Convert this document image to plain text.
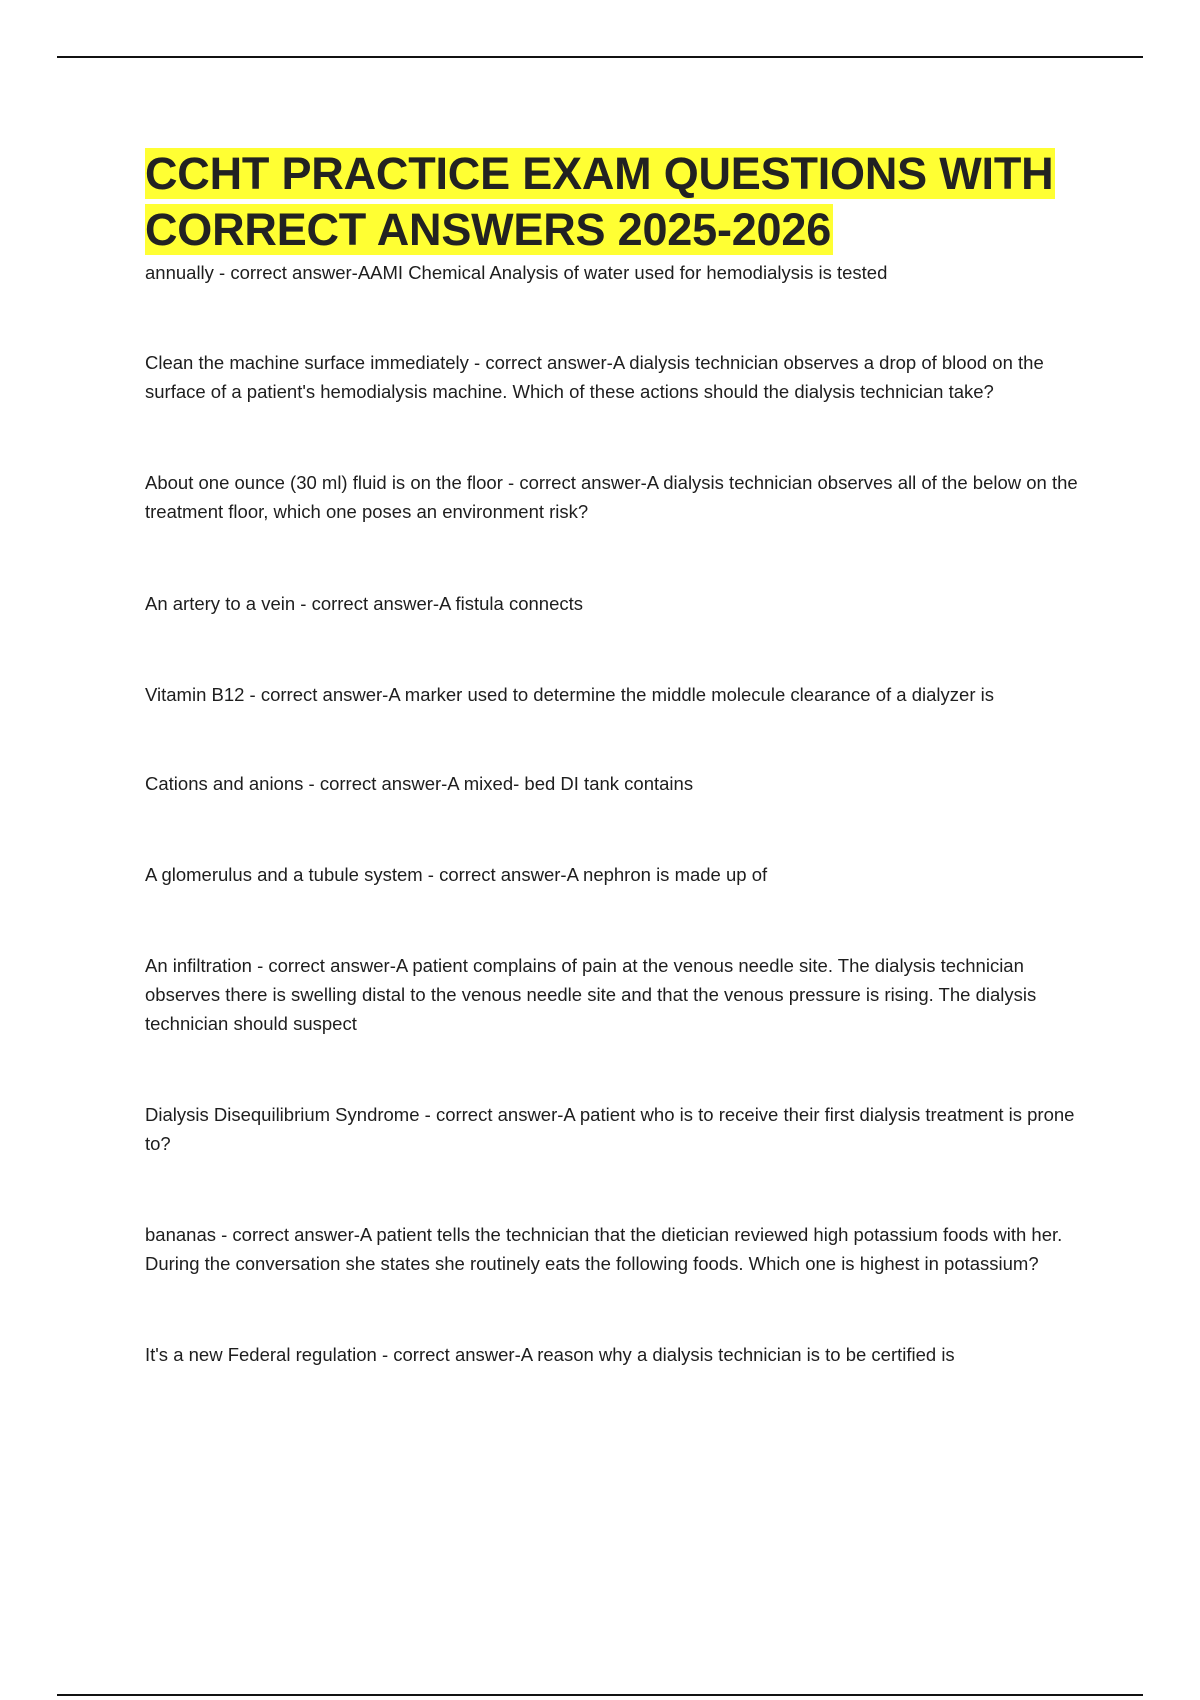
CCHT PRACTICE EXAM QUESTIONS WITH CORRECT ANSWERS 2025-2026
annually - correct answer-AAMI Chemical Analysis of water used for hemodialysis is tested
Clean the machine surface immediately - correct answer-A dialysis technician observes a drop of blood on the surface of a patient's hemodialysis machine. Which of these actions should the dialysis technician take?
About one ounce (30 ml) fluid is on the floor - correct answer-A dialysis technician observes all of the below on the treatment floor, which one poses an environment risk?
An artery to a vein - correct answer-A fistula connects
Vitamin B12 - correct answer-A marker used to determine the middle molecule clearance of a dialyzer is
Cations and anions - correct answer-A mixed- bed DI tank contains
A glomerulus and a tubule system - correct answer-A nephron is made up of
An infiltration - correct answer-A patient complains of pain at the venous needle site. The dialysis technician observes there is swelling distal to the venous needle site and that the venous pressure is rising. The dialysis technician should suspect
Dialysis Disequilibrium Syndrome - correct answer-A patient who is to receive their first dialysis treatment is prone to?
bananas - correct answer-A patient tells the technician that the dietician reviewed high potassium foods with her. During the conversation she states she routinely eats the following foods. Which one is highest in potassium?
It's a new Federal regulation - correct answer-A reason why a dialysis technician is to be certified is
